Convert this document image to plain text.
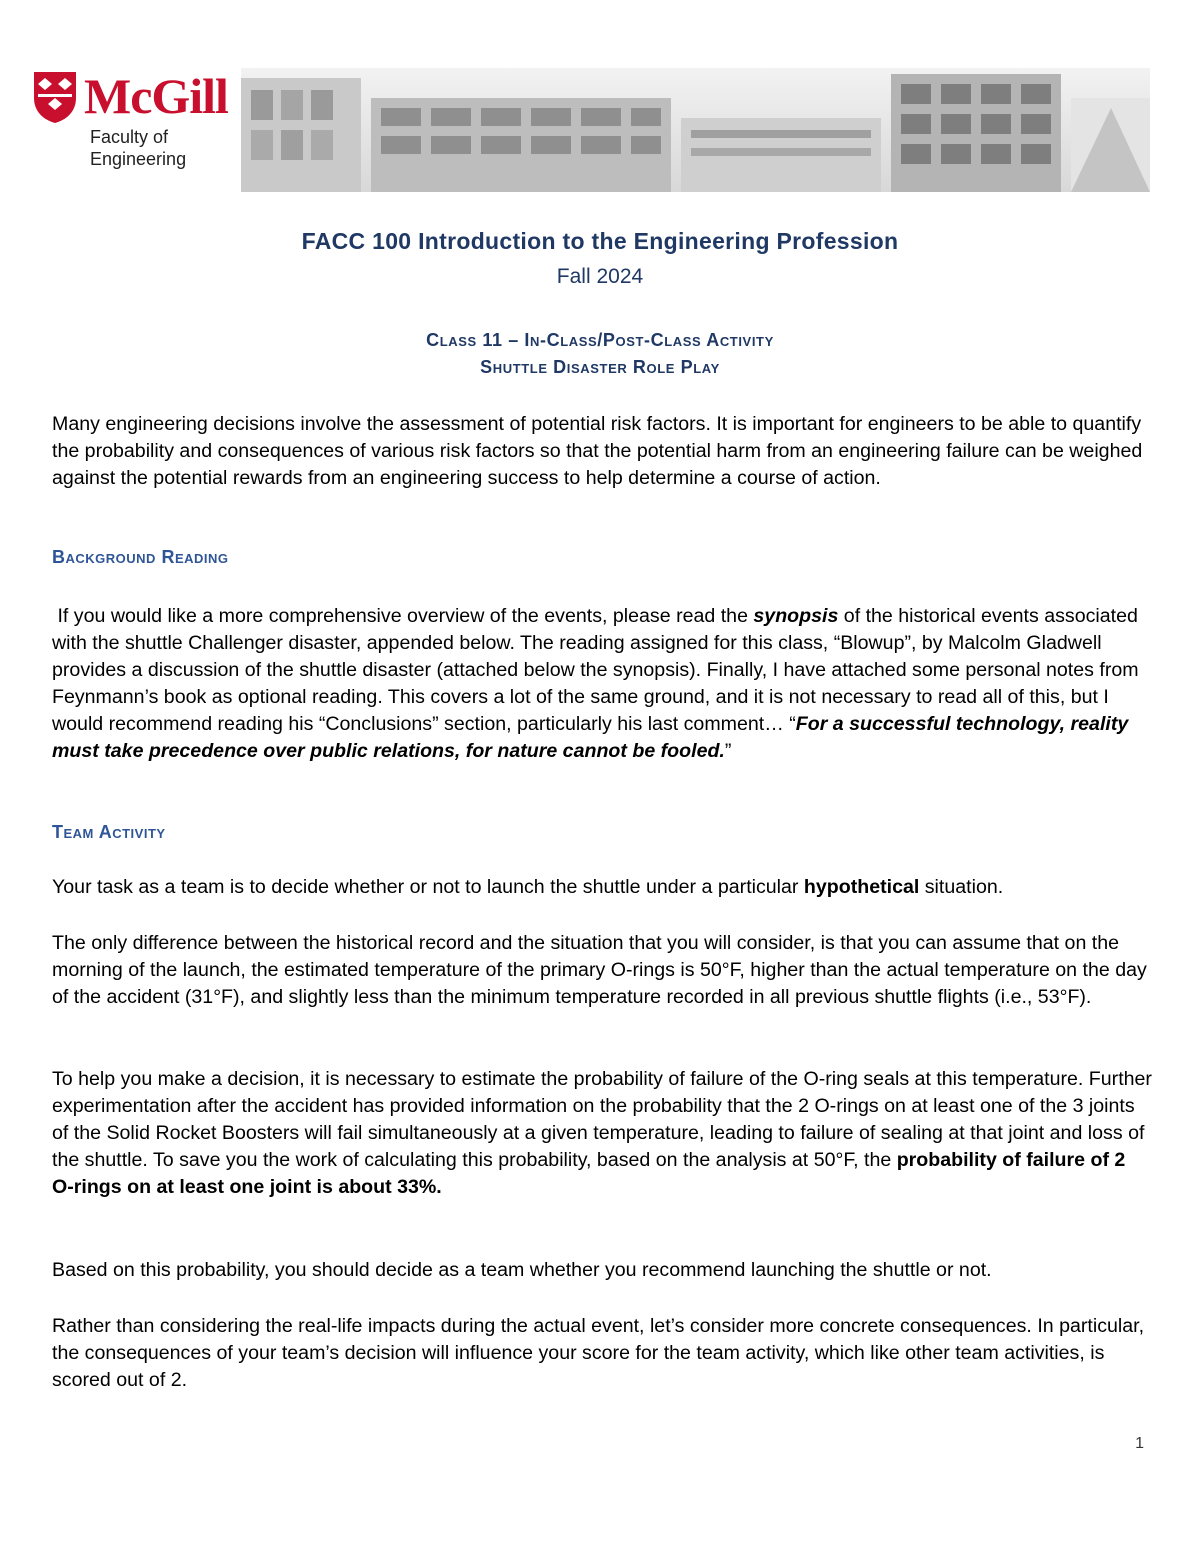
McGill
Faculty of
Engineering
FACC 100 Introduction to the Engineering Profession
Fall 2024
Class 11 – In-Class/Post-Class Activity
Shuttle Disaster Role Play

Many engineering decisions involve the assessment of potential risk factors. It is important for engineers to be able to quantify the probability and consequences of various risk factors so that the potential harm from an engineering failure can be weighed against the potential rewards from an engineering success to help determine a course of action.

Background Reading

If you would like a more comprehensive overview of the events, please read the synopsis of the historical events associated with the shuttle Challenger disaster, appended below. The reading assigned for this class, “Blowup”, by Malcolm Gladwell provides a discussion of the shuttle disaster (attached below the synopsis). Finally, I have attached some personal notes from Feynmann’s book as optional reading. This covers a lot of the same ground, and it is not necessary to read all of this, but I would recommend reading his “Conclusions” section, particularly his last comment… “For a successful technology, reality must take precedence over public relations, for nature cannot be fooled.”

Team Activity

Your task as a team is to decide whether or not to launch the shuttle under a particular hypothetical situation.

The only difference between the historical record and the situation that you will consider, is that you can assume that on the morning of the launch, the estimated temperature of the primary O-rings is 50°F, higher than the actual temperature on the day of the accident (31°F), and slightly less than the minimum temperature recorded in all previous shuttle flights (i.e., 53°F).

To help you make a decision, it is necessary to estimate the probability of failure of the O-ring seals at this temperature. Further experimentation after the accident has provided information on the probability that the 2 O-rings on at least one of the 3 joints of the Solid Rocket Boosters will fail simultaneously at a given temperature, leading to failure of sealing at that joint and loss of the shuttle. To save you the work of calculating this probability, based on the analysis at 50°F, the probability of failure of 2 O-rings on at least one joint is about 33%.

Based on this probability, you should decide as a team whether you recommend launching the shuttle or not.

Rather than considering the real-life impacts during the actual event, let’s consider more concrete consequences. In particular, the consequences of your team’s decision will influence your score for the team activity, which like other team activities, is scored out of 2.

1
